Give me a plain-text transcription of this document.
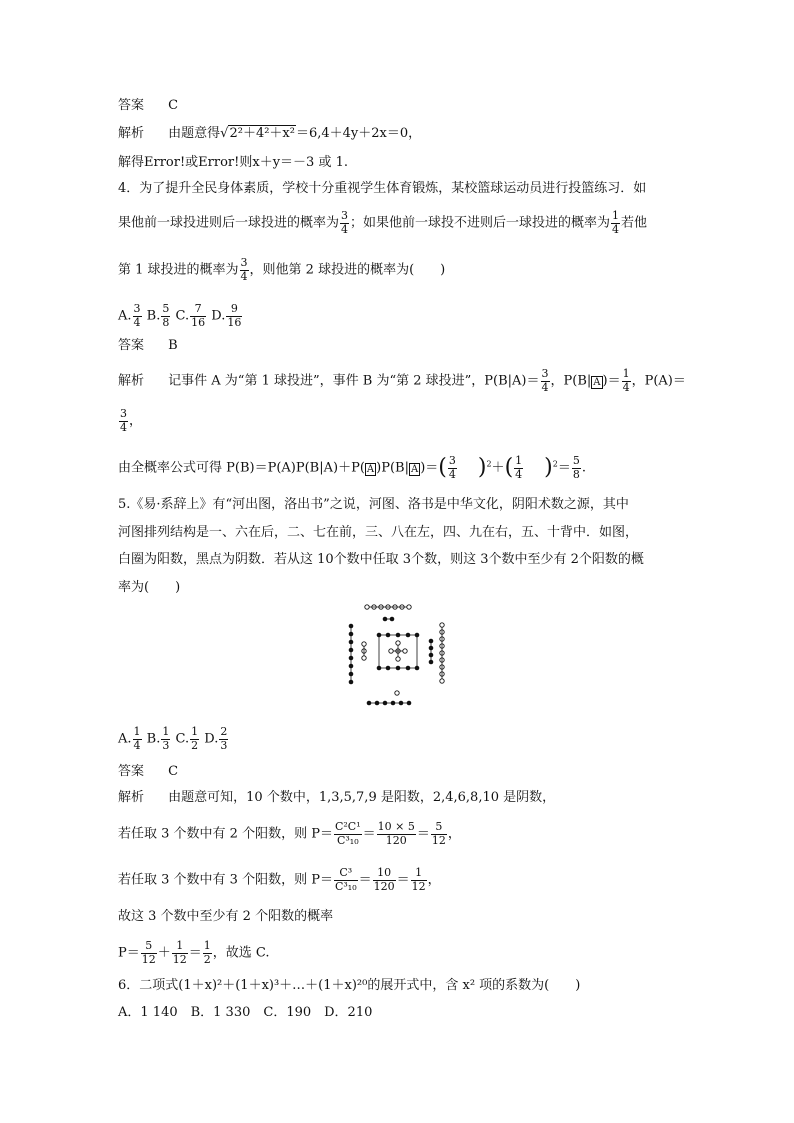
答案 C
解析 由题意得√2²＋4²＋x²＝6,4＋4y＋2x＝0，
解得Error!或Error!则x＋y＝－3 或 1.
4．为了提升全民身体素质，学校十分重视学生体育锻炼，某校篮球运动员进行投篮练习．如
果他前一球投进则后一球投进的概率为 $\frac{3}{4}$ ；如果他前一球投不进则后一球投进的概率为 $\frac{1}{4}$ 若他
第 1 球投进的概率为 $\frac{3}{4}$ ，则他第 2 球投进的概率为(　　)
A. $\frac{3}{4} B$. $\frac{5}{8} C$. $\frac{7}{16} D$. $\frac{9}{16}$
答案 B
解析 记事件 A 为“第 1 球投进”，事件 B 为“第 2 球投进”，$P(B|A)= \frac{3}{4}$ ，P(B| A )＝ $\frac{1}{4}$ ，P(A)＝
$\frac{3}{4}$ ，
由全概率公式可得 P(B)＝P(A)P(B|A)＋P( A )P(B| A )＝( $\frac{3}{4} )^2+( \frac{1}{4} )^2= \frac{5}{8}$ .
5.《易·系辞上》有“河出图，洛出书”之说，河图、洛书是中华文化，阴阳术数之源，其中
河图排列结构是一、六在后，二、七在前，三、八在左，四、九在右，五、十背中．如图，
白圈为阳数，黑点为阴数．若从这 10个数中任取 3个数，则这 3个数中至少有 2个阳数的概
率为(　　)
A. $\frac{1}{4} B$. $\frac{1}{3} C$. $\frac{1}{2} D$. $\frac{2}{3}$
答案 C
解析 由题意可知，10 个数中，1,3,5,7,9 是阳数，2,4,6,8,10 是阴数，
若任取 3 个数中有 2 个阳数，则 $P= \frac{\text{C²C¹}}{\text{C³₁₀}} = \frac{10 \times 5}{120} = \frac{5}{12}$ ，
若任取 3 个数中有 3 个阳数，则 $P= \frac{\text{C³}}{\text{C³₁₀}} = \frac{10}{120} = \frac{1}{12}$ ，
故这 3 个数中至少有 2 个阳数的概率
$P= \frac{5}{12} + \frac{1}{12} = \frac{1}{2}$ ，故选 C.
6．二项式(1＋x)²＋(1＋x)³＋…＋(1＋x)²⁰的展开式中，含 x² 项的系数为(　　)
A．1 140　B．1 330　C．190　D．210
